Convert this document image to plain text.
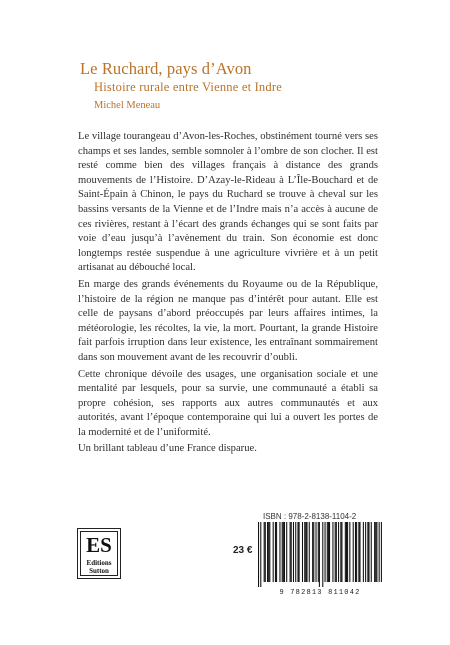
Le Ruchard, pays d’Avon
Histoire rurale entre Vienne et Indre
Michel Meneau

Le village tourangeau d’Avon-les-Roches, obstinément tourné vers ses champs et ses landes, semble somnoler à l’ombre de son clocher. Il est resté comme bien des villages français à distance des grands mouvements de l’Histoire. D’Azay-le-Rideau à L’Île-Bouchard et de Saint-Épain à Chinon, le pays du Ruchard se trouve à cheval sur les bassins versants de la Vienne et de l’Indre mais n’a accès à aucune de ces rivières, restant à l’écart des grands échanges qui se sont faits par voie d’eau jusqu’à l’avènement du train. Son économie est donc longtemps restée suspendue à une agriculture vivrière et à un petit artisanat au débouché local.

En marge des grands événements du Royaume ou de la République, l’histoire de la région ne manque pas d’intérêt pour autant. Elle est celle de paysans d’abord préoccupés par leurs affaires intimes, la météorologie, les récoltes, la vie, la mort. Pourtant, la grande Histoire fait parfois irruption dans leur existence, les entraînant sommairement dans son mouvement avant de les recouvrir d’oubli.

Cette chronique dévoile des usages, une organisation sociale et une mentalité par lesquels, pour sa survie, une communauté a établi sa propre cohésion, ses rapports aux autres communautés et aux autorités, avant l’époque contemporaine qui lui a ouvert les portes de la modernité et de l’uniformité.

Un brillant tableau d’une France disparue.

ISBN : 978-2-8138-1104-2
ES
Editions
Sutton
23 €
9 782813 811042
